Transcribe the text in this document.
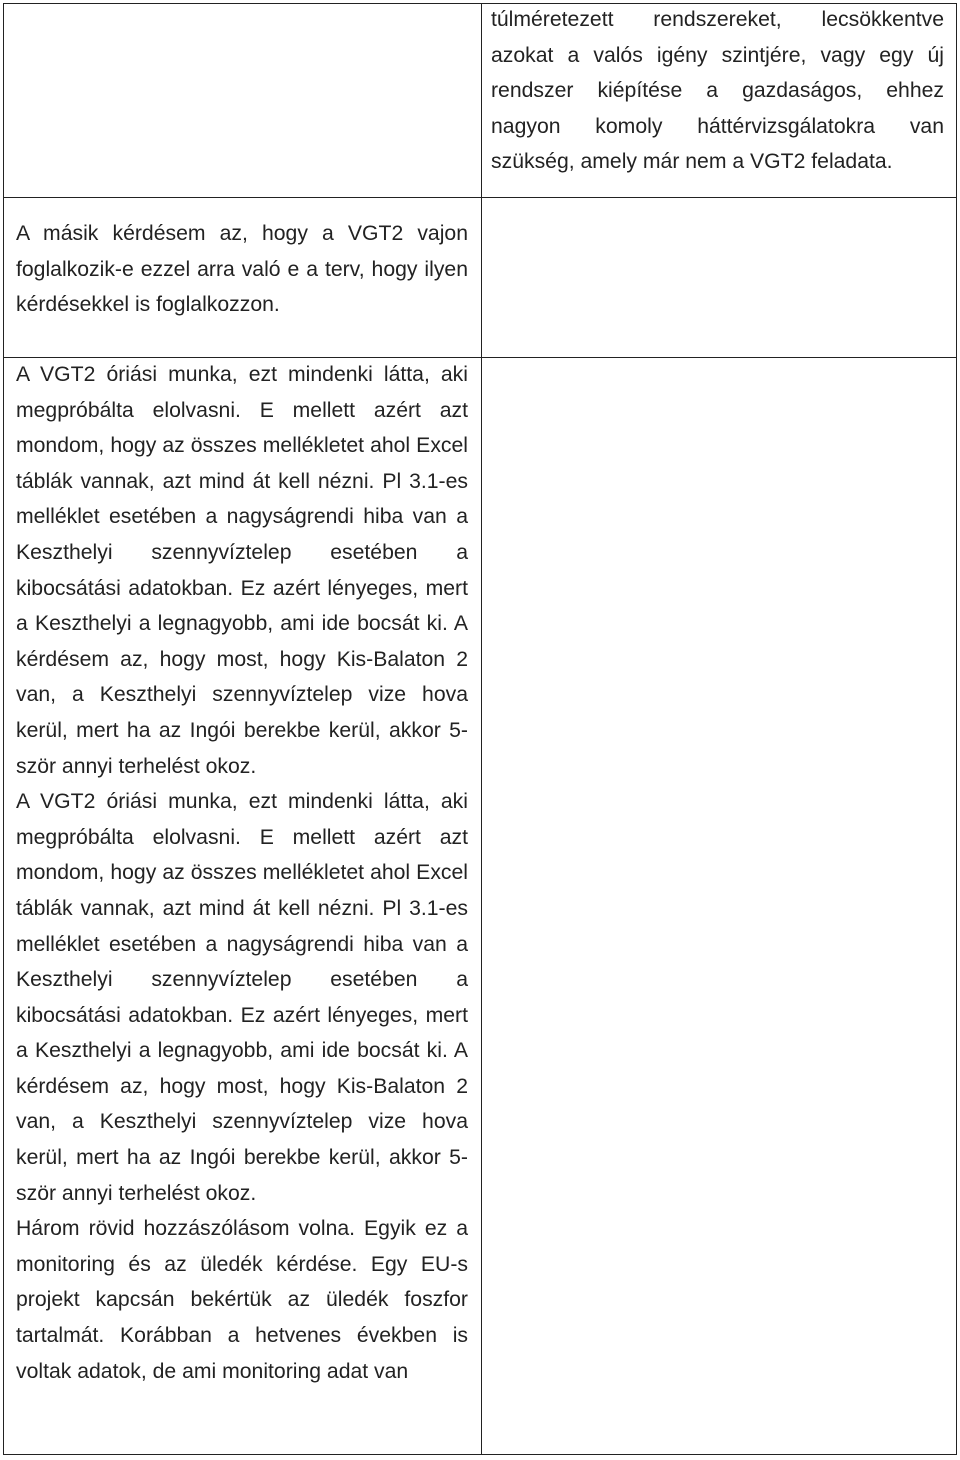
túlméretezett rendszereket, lecsökkentve azokat a valós igény szintjére, vagy egy új rendszer kiépítése a gazdaságos, ehhez nagyon komoly háttérvizsgálatokra van szükség, amely már nem a VGT2 feladata.

A másik kérdésem az, hogy a VGT2 vajon foglalkozik-e ezzel arra való e a terv, hogy ilyen kérdésekkel is foglalkozzon.

A VGT2 óriási munka, ezt mindenki látta, aki megpróbálta elolvasni. E mellett azért azt mondom, hogy az összes mellékletet ahol Excel táblák vannak, azt mind át kell nézni. Pl 3.1-es melléklet esetében a nagyságrendi hiba van a Keszthelyi szennyvíztelep esetében a kibocsátási adatokban. Ez azért lényeges, mert a Keszthelyi a legnagyobb, ami ide bocsát ki. A kérdésem az, hogy most, hogy Kis-Balaton 2 van, a Keszthelyi szennyvíztelep vize hova kerül, mert ha az Ingói berekbe kerül, akkor 5-ször annyi terhelést okoz.

A VGT2 óriási munka, ezt mindenki látta, aki megpróbálta elolvasni. E mellett azért azt mondom, hogy az összes mellékletet ahol Excel táblák vannak, azt mind át kell nézni. Pl 3.1-es melléklet esetében a nagyságrendi hiba van a Keszthelyi szennyvíztelep esetében a kibocsátási adatokban. Ez azért lényeges, mert a Keszthelyi a legnagyobb, ami ide bocsát ki. A kérdésem az, hogy most, hogy Kis-Balaton 2 van, a Keszthelyi szennyvíztelep vize hova kerül, mert ha az Ingói berekbe kerül, akkor 5-ször annyi terhelést okoz.

Három rövid hozzászólásom volna. Egyik ez a monitoring és az üledék kérdése. Egy EU-s projekt kapcsán bekértük az üledék foszfor tartalmát. Korábban a hetvenes években is voltak adatok, de ami monitoring adat van
